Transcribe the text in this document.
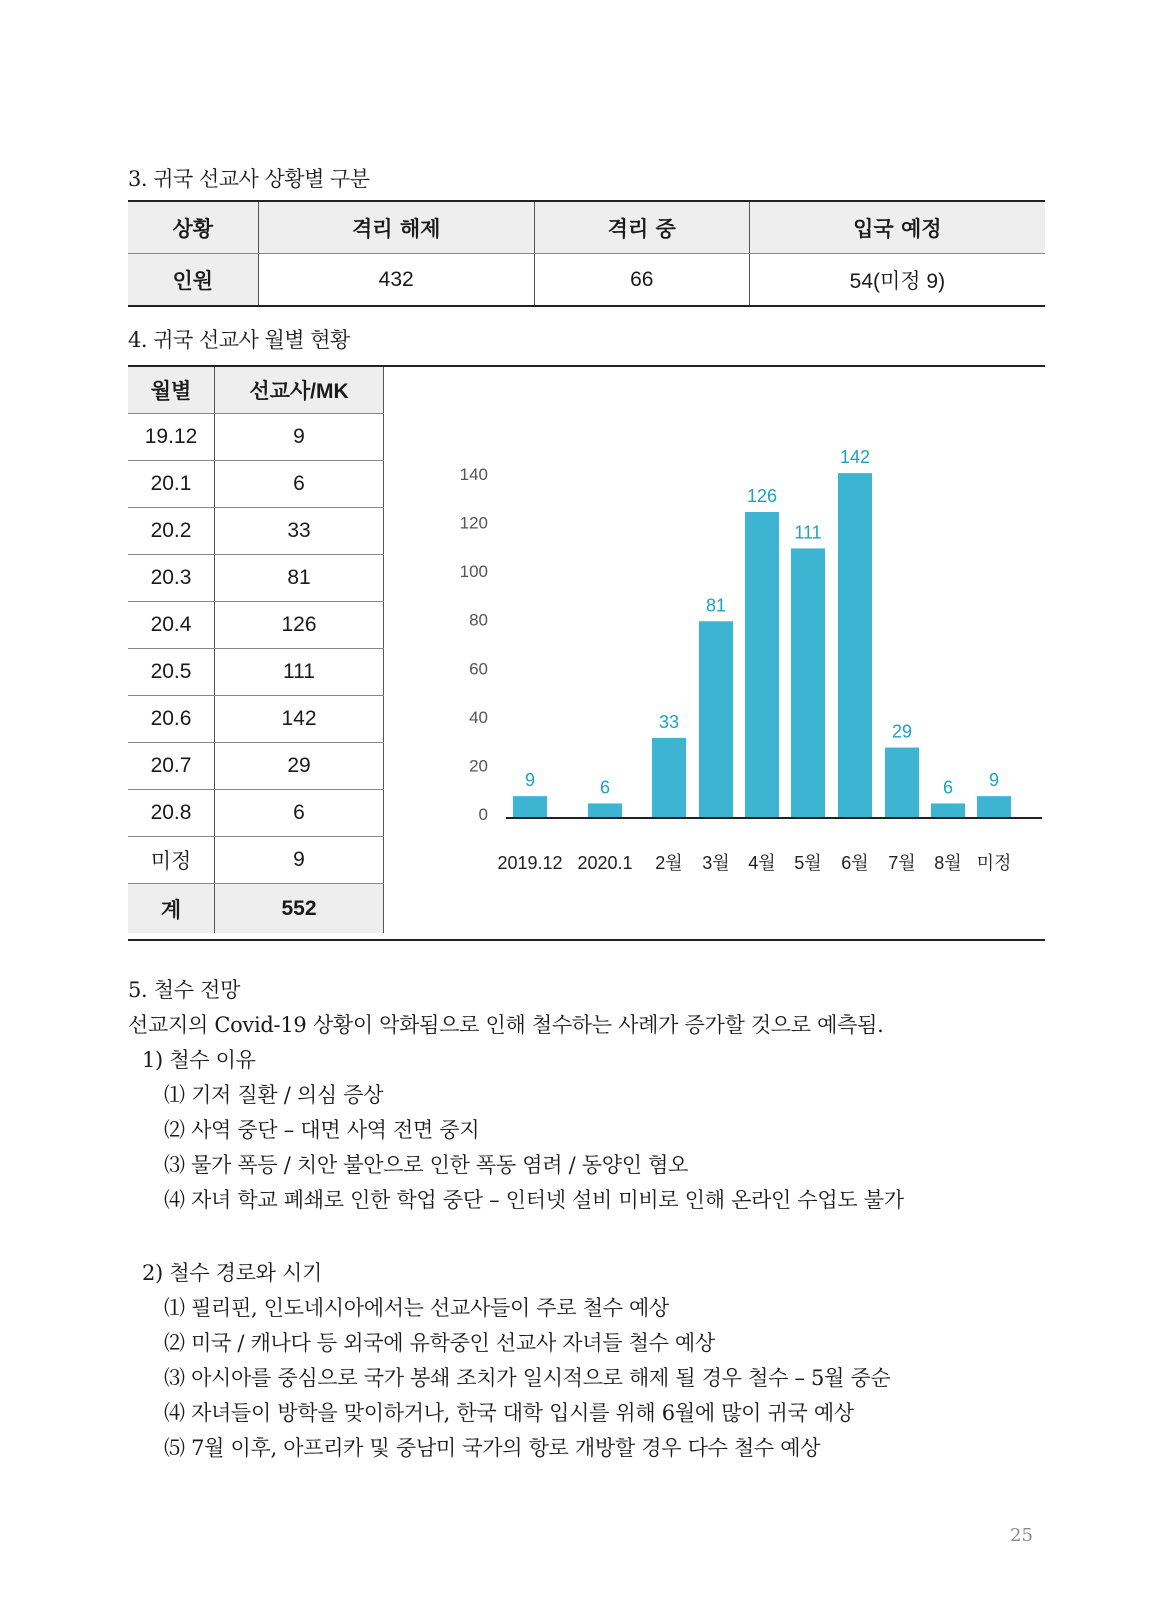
3. 귀국 선교사 상황별 구분
상황	격리 해제	격리 중	입국 예정
인원	432	66	54(미정 9)
4. 귀국 선교사 월별 현황
월별	선교사/MK
19.12	9
20.1	6
20.2	33
20.3	81
20.4	126
20.5	111
20.6	142
20.7	29
20.8	6
미정	9
계	552
0
20
40
60
80
100
120
140
9
2019.12
6
2020.1
33
2월
81
3월
126
4월
111
5월
142
6월
29
7월
6
8월
9
미정
5. 철수 전망
선교지의 Covid-19 상황이 악화됨으로 인해 철수하는 사례가 증가할 것으로 예측됨.
1) 철수 이유
⑴ 기저 질환 / 의심 증상
⑵ 사역 중단 – 대면 사역 전면 중지
⑶ 물가 폭등 / 치안 불안으로 인한 폭동 염려 / 동양인 혐오
⑷ 자녀 학교 폐쇄로 인한 학업 중단 – 인터넷 설비 미비로 인해 온라인 수업도 불가
2) 철수 경로와 시기
⑴ 필리핀, 인도네시아에서는 선교사들이 주로 철수 예상
⑵ 미국 / 캐나다 등 외국에 유학중인 선교사 자녀들 철수 예상
⑶ 아시아를 중심으로 국가 봉쇄 조치가 일시적으로 해제 될 경우 철수 – 5월 중순
⑷ 자녀들이 방학을 맞이하거나, 한국 대학 입시를 위해 6월에 많이 귀국 예상
⑸ 7월 이후, 아프리카 및 중남미 국가의 항로 개방할 경우 다수 철수 예상
25
